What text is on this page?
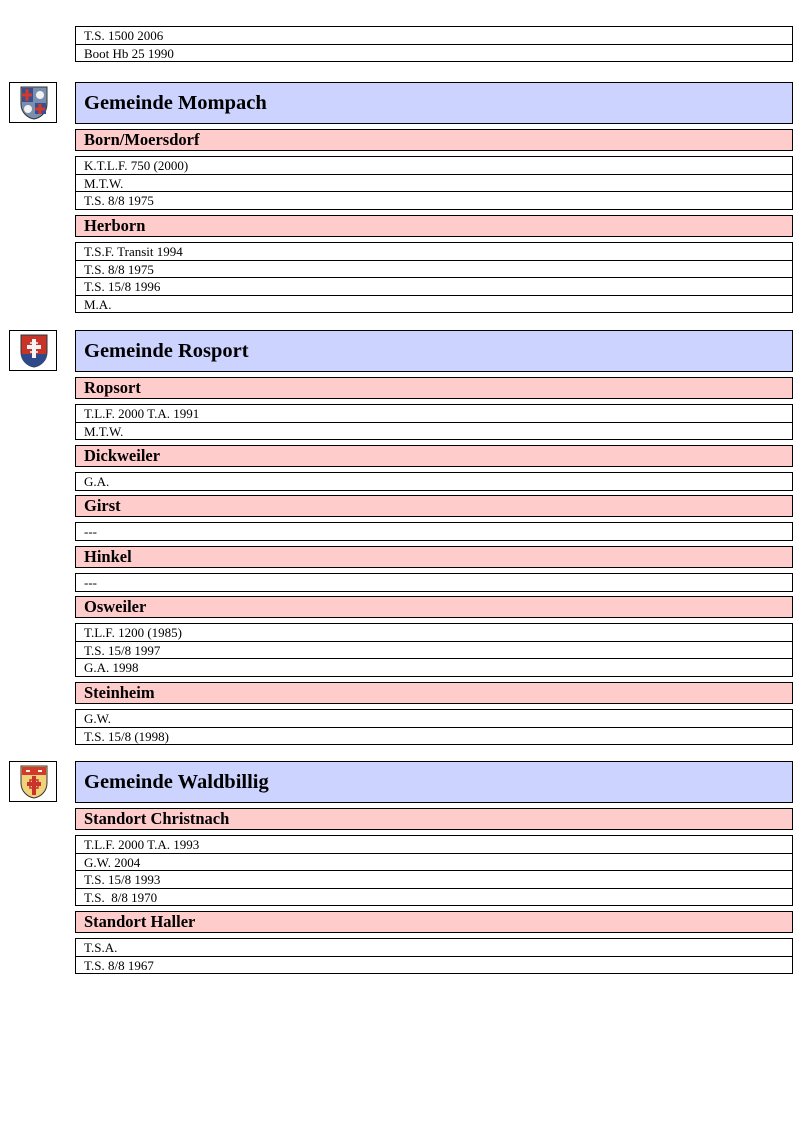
T.S. 1500 2006
Boot Hb 25 1990
Gemeinde Mompach
Born/Moersdorf
K.T.L.F. 750 (2000)
M.T.W.
T.S. 8/8 1975
Herborn
T.S.F. Transit 1994
T.S. 8/8 1975
T.S. 15/8 1996
M.A.
Gemeinde Rosport
Ropsort
T.L.F. 2000 T.A. 1991
M.T.W.
Dickweiler
G.A.
Girst
---
Hinkel
---
Osweiler
T.L.F. 1200 (1985)
T.S. 15/8 1997
G.A. 1998
Steinheim
G.W.
T.S. 15/8 (1998)
Gemeinde Waldbillig
Standort Christnach
T.L.F. 2000 T.A. 1993
G.W. 2004
T.S. 15/8 1993
T.S.  8/8 1970
Standort Haller
T.S.A.
T.S. 8/8 1967
